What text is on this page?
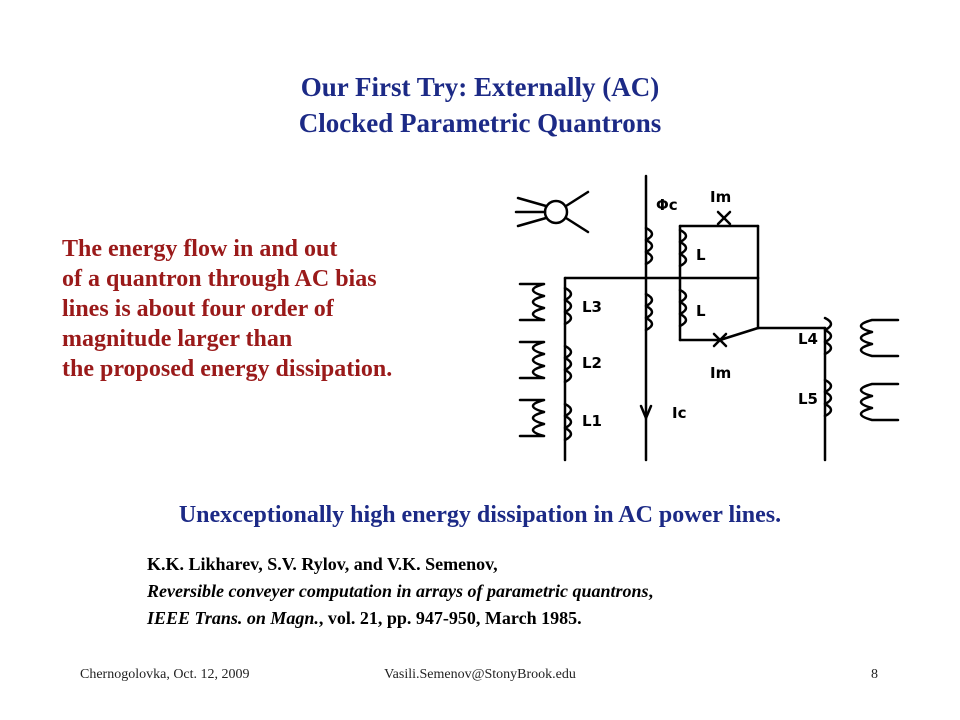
Our First Try: Externally (AC)
Clocked Parametric Quantrons
The energy flow in and out
of a quantron through AC bias
lines is about four order of
magnitude larger than
the proposed energy dissipation.
Φc Im
L
L
Im
L3
L2
L1	Ic
L4
L5
Unexceptionally high energy dissipation in AC power lines.
K.K. Likharev, S.V. Rylov, and V.K. Semenov,
Reversible conveyer computation in arrays of parametric quantrons,
IEEE Trans. on Magn., vol. 21, pp. 947-950, March 1985.
Chernogolovka, Oct. 12, 2009	Vasili.Semenov@StonyBrook.edu	8
